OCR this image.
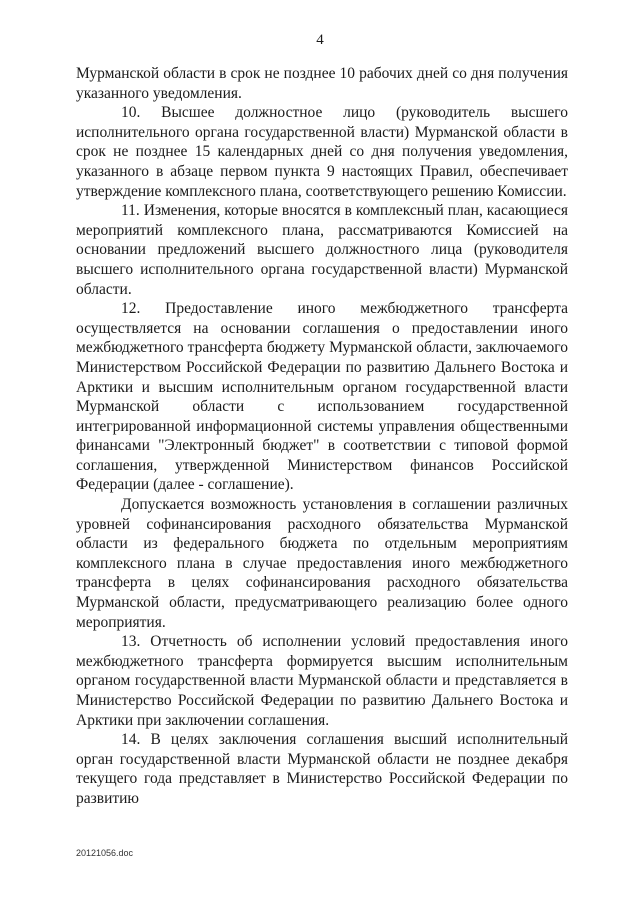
4

Мурманской области в срок не позднее 10 рабочих дней со дня получения указанного уведомления.

10. Высшее должностное лицо (руководитель высшего исполнительного органа государственной власти) Мурманской области в срок не позднее 15 календарных дней со дня получения уведомления, указанного в абзаце первом пункта 9 настоящих Правил, обеспечивает утверждение комплексного плана, соответствующего решению Комиссии.

11. Изменения, которые вносятся в комплексный план, касающиеся мероприятий комплексного плана, рассматриваются Комиссией на основании предложений высшего должностного лица (руководителя высшего исполнительного органа государственной власти) Мурманской области.

12. Предоставление иного межбюджетного трансферта осуществляется на основании соглашения о предоставлении иного межбюджетного трансферта бюджету Мурманской области, заключаемого Министерством Российской Федерации по развитию Дальнего Востока и Арктики и высшим исполнительным органом государственной власти Мурманской области с использованием государственной интегрированной информационной системы управления общественными финансами "Электронный бюджет" в соответствии с типовой формой соглашения, утвержденной Министерством финансов Российской Федерации (далее - соглашение).

Допускается возможность установления в соглашении различных уровней софинансирования расходного обязательства Мурманской области из федерального бюджета по отдельным мероприятиям комплексного плана в случае предоставления иного межбюджетного трансферта в целях софинансирования расходного обязательства Мурманской области, предусматривающего реализацию более одного мероприятия.

13. Отчетность об исполнении условий предоставления иного межбюджетного трансферта формируется высшим исполнительным органом государственной власти Мурманской области и представляется в Министерство Российской Федерации по развитию Дальнего Востока и Арктики при заключении соглашения.

14. В целях заключения соглашения высший исполнительный орган государственной власти Мурманской области не позднее декабря текущего года представляет в Министерство Российской Федерации по развитию

20121056.doc
